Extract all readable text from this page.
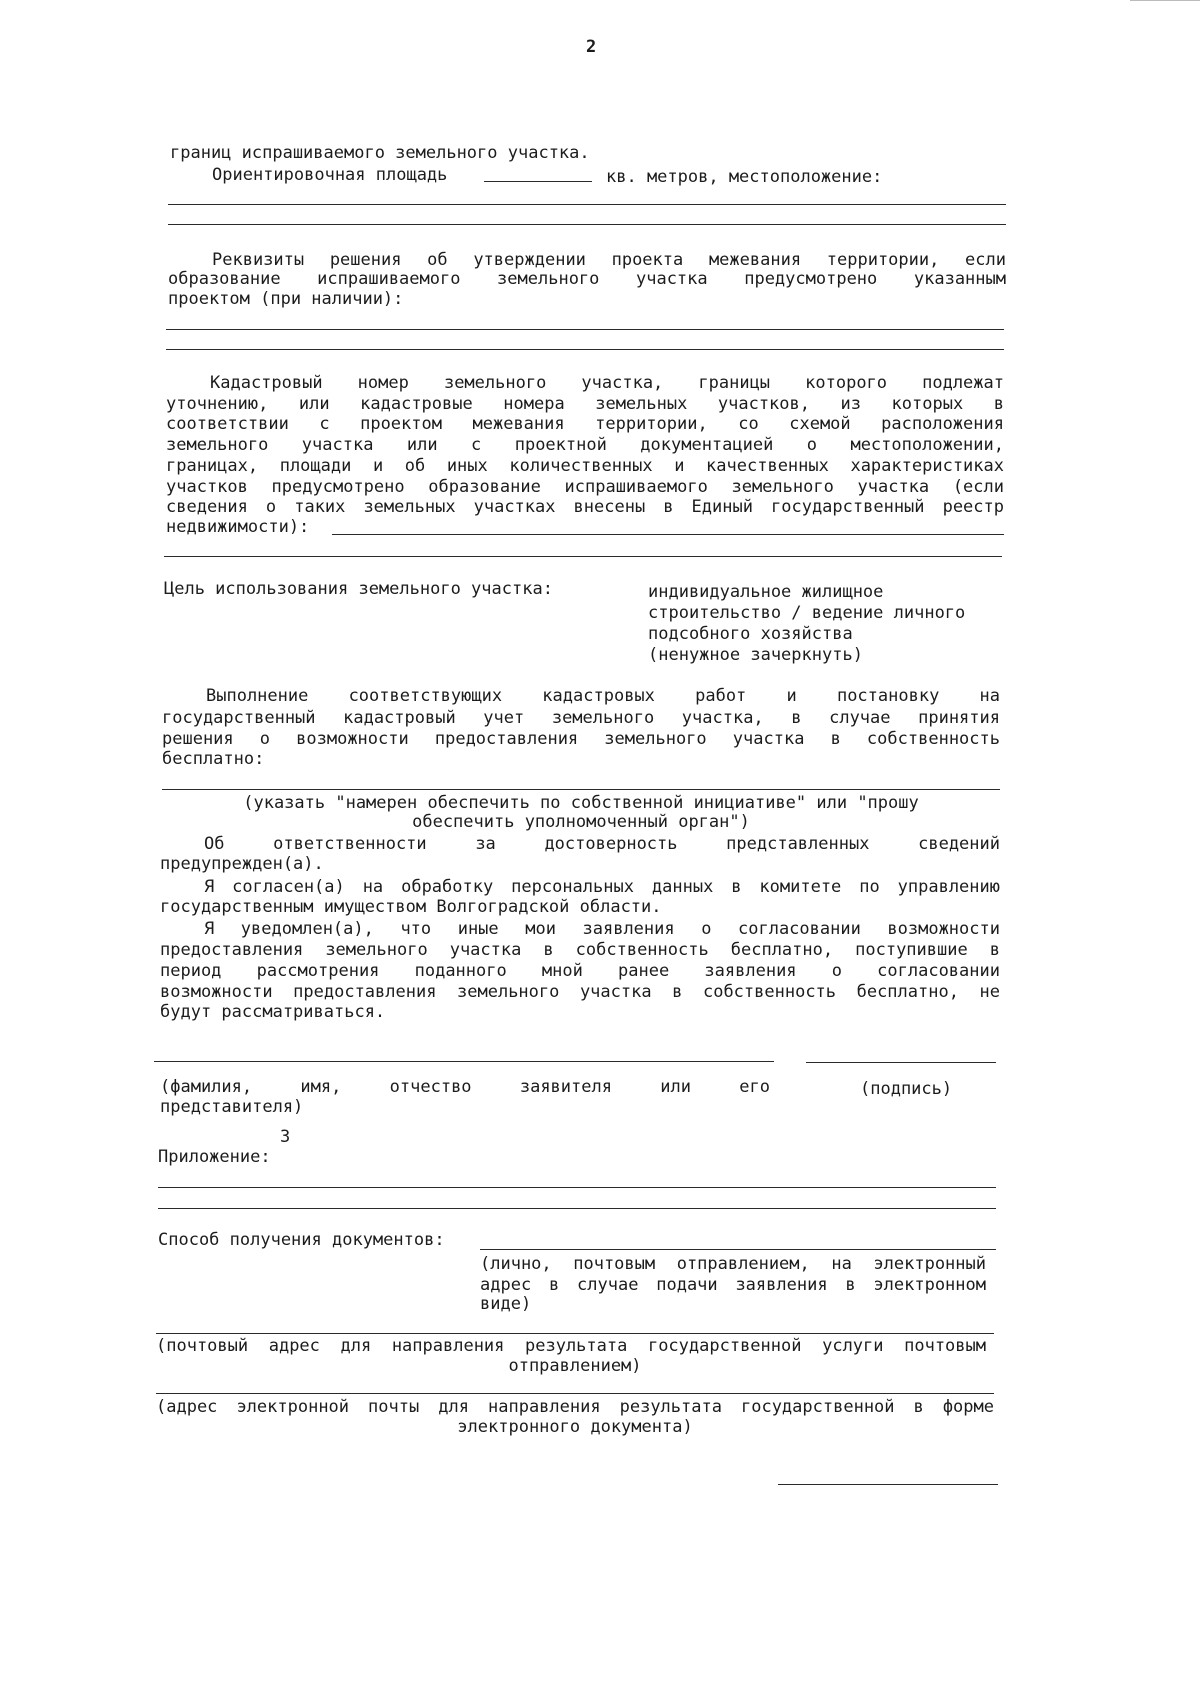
2
границ испрашиваемого земельного участка.
Ориентировочная площадь	кв. метров, местоположение:
Реквизиты решения об утверждении проекта межевания территории, если
образование испрашиваемого земельного участка предусмотрено указанным
проектом (при наличии):
Кадастровый номер земельного участка, границы которого подлежат
уточнению, или кадастровые номера земельных участков, из которых в
соответствии с проектом межевания территории, со схемой расположения
земельного участка или с проектной документацией о местоположении,
границах, площади и об иных количественных и качественных характеристиках
участков предусмотрено образование испрашиваемого земельного участка (если
сведения о таких земельных участках внесены в Единый государственный реестр
недвижимости):
Цель использования земельного участка:	индивидуальное жилищное
строительство / ведение личного
подсобного хозяйства
(ненужное зачеркнуть)
Выполнение соответствующих кадастровых работ и постановку на
государственный кадастровый учет земельного участка, в случае принятия
решения о возможности предоставления земельного участка в собственность
бесплатно:
(указать "намерен обеспечить по собственной инициативе" или "прошу
обеспечить уполномоченный орган")
Об ответственности за достоверность представленных сведений
предупрежден(а).
Я согласен(а) на обработку персональных данных в комитете по управлению
государственным имуществом Волгоградской области.
Я уведомлен(а), что иные мои заявления о согласовании возможности
предоставления земельного участка в собственность бесплатно, поступившие в
период рассмотрения поданного мной ранее заявления о согласовании
возможности предоставления земельного участка в собственность бесплатно, не
будут рассматриваться.
(фамилия, имя, отчество заявителя или его
представителя)
(подпись)
3
Приложение:
Способ получения документов:
(лично, почтовым отправлением, на электронный
адрес в случае подачи заявления в электронном
виде)
(почтовый адрес для направления результата государственной услуги почтовым
отправлением)
(адрес электронной почты для направления результата государственной в форме
электронного документа)
